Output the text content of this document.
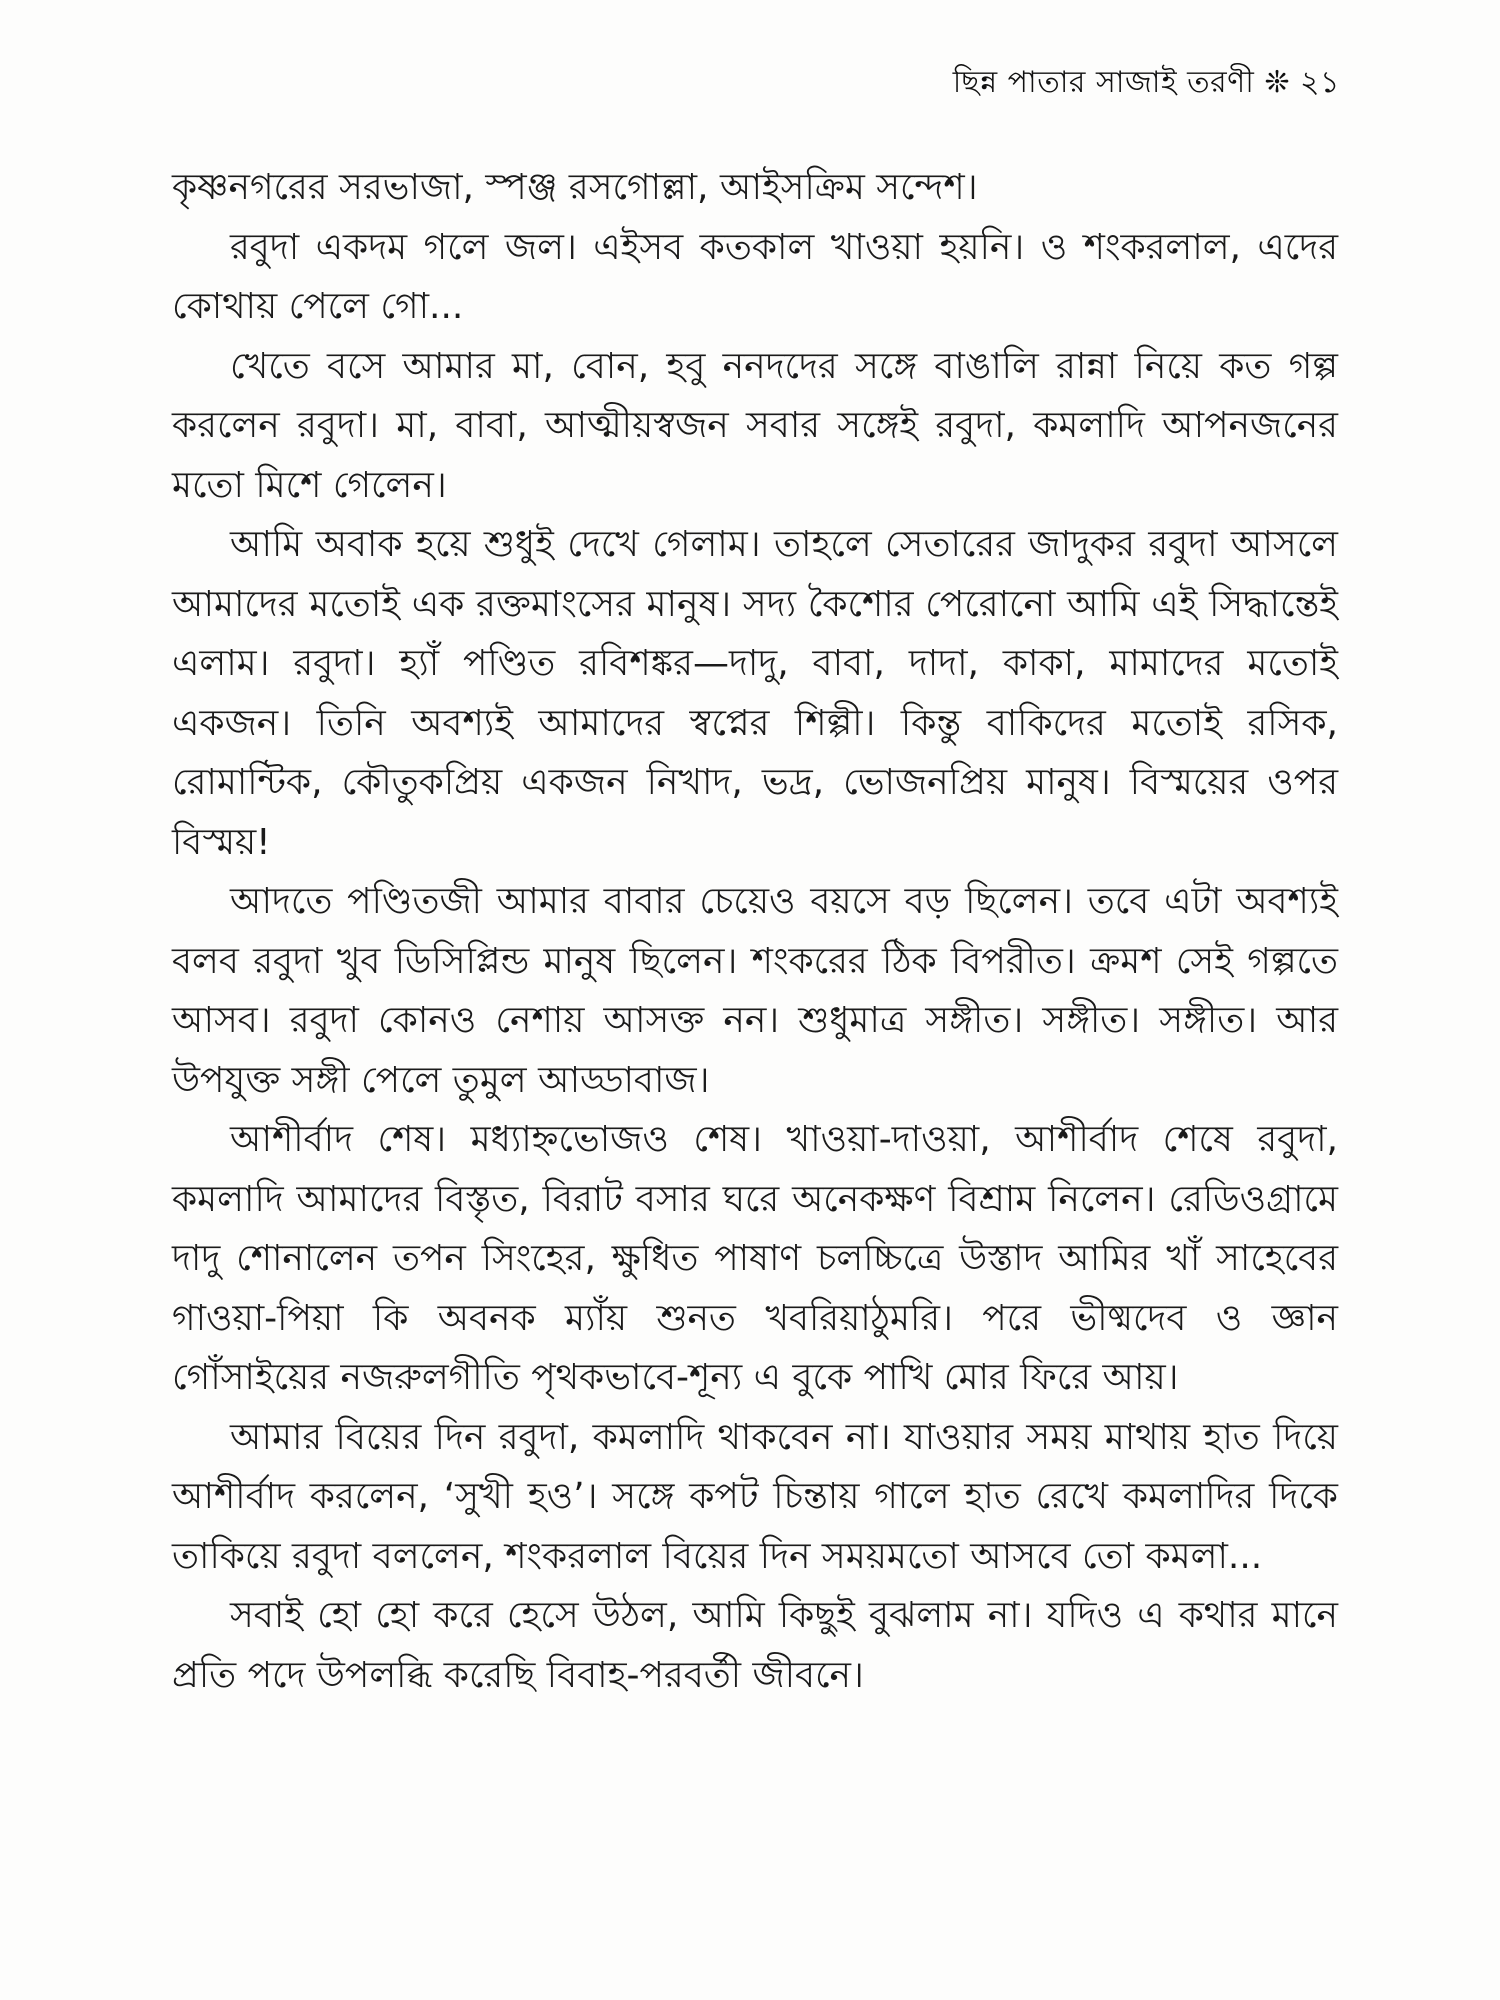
ছিন্ন পাতার সাজাই তরণী ❊ ২১

কৃষ্ণনগরের সরভাজা, স্পঞ্জ রসগোল্লা, আইসক্রিম সন্দেশ।

রবুদা একদম গলে জল। এইসব কতকাল খাওয়া হয়নি। ও শংকরলাল, এদের কোথায় পেলে গো...

খেতে বসে আমার মা, বোন, হবু ননদদের সঙ্গে বাঙালি রান্না নিয়ে কত গল্প করলেন রবুদা। মা, বাবা, আত্মীয়স্বজন সবার সঙ্গেই রবুদা, কমলাদি আপনজনের মতো মিশে গেলেন।

আমি অবাক হয়ে শুধুই দেখে গেলাম। তাহলে সেতারের জাদুকর রবুদা আসলে আমাদের মতোই এক রক্তমাংসের মানুষ। সদ্য কৈশোর পেরোনো আমি এই সিদ্ধান্তেই এলাম। রবুদা। হ্যাঁ পণ্ডিত রবিশঙ্কর—দাদু, বাবা, দাদা, কাকা, মামাদের মতোই একজন। তিনি অবশ্যই আমাদের স্বপ্নের শিল্পী। কিন্তু বাকিদের মতোই রসিক, রোমান্টিক, কৌতুকপ্রিয় একজন নিখাদ, ভদ্র, ভোজনপ্রিয় মানুষ। বিস্ময়ের ওপর বিস্ময়!

আদতে পণ্ডিতজী আমার বাবার চেয়েও বয়সে বড় ছিলেন। তবে এটা অবশ্যই বলব রবুদা খুব ডিসিপ্লিন্ড মানুষ ছিলেন। শংকরের ঠিক বিপরীত। ক্রমশ সেই গল্পতে আসব। রবুদা কোনও নেশায় আসক্ত নন। শুধুমাত্র সঙ্গীত। সঙ্গীত। সঙ্গীত। আর উপযুক্ত সঙ্গী পেলে তুমুল আড্ডাবাজ।

আশীর্বাদ শেষ। মধ্যাহ্নভোজও শেষ। খাওয়া-দাওয়া, আশীর্বাদ শেষে রবুদা, কমলাদি আমাদের বিস্তৃত, বিরাট বসার ঘরে অনেকক্ষণ বিশ্রাম নিলেন। রেডিওগ্রামে দাদু শোনালেন তপন সিংহের, ক্ষুধিত পাষাণ চলচ্চিত্রে উস্তাদ আমির খাঁ সাহেবের গাওয়া-পিয়া কি অবনক ম্যাঁয় শুনত খবরিয়াঠুমরি। পরে ভীষ্মদেব ও জ্ঞান গোঁসাইয়ের নজরুলগীতি পৃথকভাবে-শূন্য এ বুকে পাখি মোর ফিরে আয়।

আমার বিয়ের দিন রবুদা, কমলাদি থাকবেন না। যাওয়ার সময় মাথায় হাত দিয়ে আশীর্বাদ করলেন, ‘সুখী হও’। সঙ্গে কপট চিন্তায় গালে হাত রেখে কমলাদির দিকে তাকিয়ে রবুদা বললেন, শংকরলাল বিয়ের দিন সময়মতো আসবে তো কমলা...

সবাই হো হো করে হেসে উঠল, আমি কিছুই বুঝলাম না। যদিও এ কথার মানে প্রতি পদে উপলব্ধি করেছি বিবাহ-পরবর্তী জীবনে।
